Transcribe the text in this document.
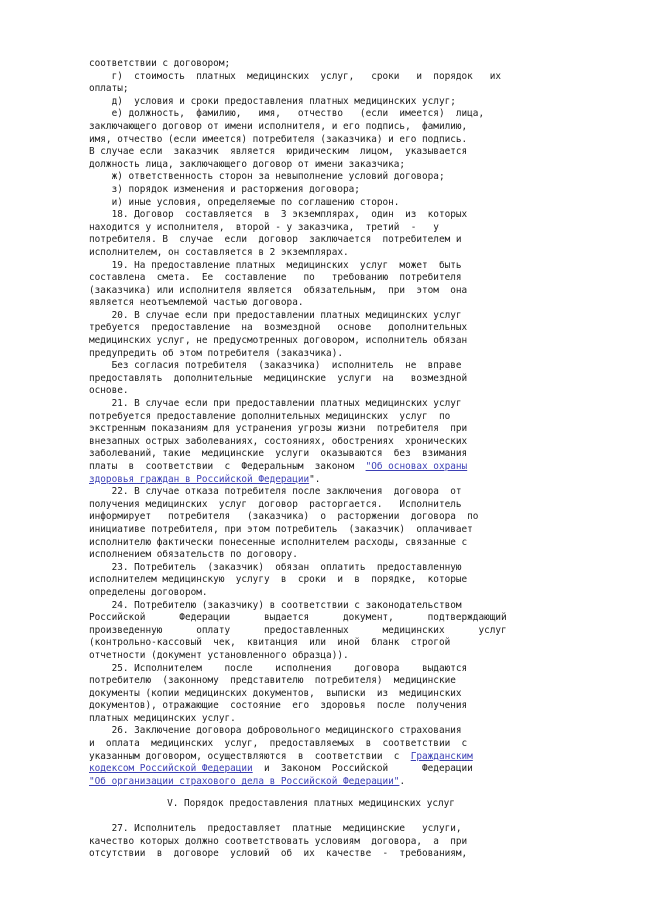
соответствии с договором;
г)  стоимость  платных  медицинских  услуг,   сроки   и  порядок   их
оплаты;
д)  условия и сроки предоставления платных медицинских услуг;
е) должность,  фамилию,   имя,   отчество   (если  имеется)  лица,
заключающего договор от имени исполнителя, и его подпись,  фамилию,
имя, отчество (если имеется) потребителя (заказчика) и его подпись.
В случае если  заказчик  является  юридическим  лицом,  указывается
должность лица, заключающего договор от имени заказчика;
ж) ответственность сторон за невыполнение условий договора;
з) порядок изменения и расторжения договора;
и) иные условия, определяемые по соглашению сторон.
18. Договор  составляется  в  3 экземплярах,  один  из  которых
находится у исполнителя,  второй - у заказчика,  третий  -   у
потребителя. В  случае  если  договор  заключается  потребителем и
исполнителем, он составляется в 2 экземплярах.
19. На предоставление платных  медицинских  услуг  может  быть
составлена  смета.  Ее  составление   по   требованию  потребителя
(заказчика) или исполнителя является  обязательным,  при  этом  она
является неотъемлемой частью договора.
20. В случае если при предоставлении платных медицинских услуг
требуется  предоставление  на  возмездной   основе   дополнительных
медицинских услуг, не предусмотренных договором, исполнитель обязан
предупредить об этом потребителя (заказчика).
Без согласия потребителя  (заказчика)  исполнитель  не  вправе
предоставлять  дополнительные  медицинские  услуги  на   возмездной
основе.
21. В случае если при предоставлении платных медицинских услуг
потребуется предоставление дополнительных медицинских  услуг  по
экстренным показаниям для устранения угрозы жизни  потребителя  при
внезапных острых заболеваниях, состояниях, обострениях  хронических
заболеваний, такие  медицинские  услуги  оказываются  без  взимания
платы  в  соответствии  с  Федеральным  законом  "Об основах охраны
здоровья граждан в Российской Федерации".
22. В случае отказа потребителя после заключения  договора  от
получения медицинских  услуг  договор  расторгается.   Исполнитель
информирует   потребителя   (заказчика)  о  расторжении  договора  по
инициативе потребителя, при этом потребитель  (заказчик)  оплачивает
исполнителю фактически понесенные исполнителем расходы, связанные с
исполнением обязательств по договору.
23. Потребитель  (заказчик)  обязан  оплатить  предоставленную
исполнителем медицинскую  услугу  в  сроки  и  в  порядке,  которые
определены договором.
24. Потребителю (заказчику) в соответствии с законодательством
Российской      Федерации      выдается      документ,      подтверждающий
произведенную      оплату      предоставленных      медицинских      услуг
(контрольно-кассовый  чек,  квитанция  или  иной  бланк  строгой
отчетности (документ установленного образца)).
25. Исполнителем    после    исполнения    договора    выдаются
потребителю  (законному  представителю  потребителя)  медицинские
документы (копии медицинских документов,  выписки  из  медицинских
документов), отражающие  состояние  его  здоровья  после  получения
платных медицинских услуг.
26. Заключение договора добровольного медицинского страхования
и  оплата  медицинских  услуг,  предоставляемых  в  соответствии  с
указанным договором, осуществляются  в  соответствии  с  Гражданским
кодексом Российской Федерации  и  Законом  Российской      Федерации
"Об организации страхового дела в Российской Федерации".
V. Порядок предоставления платных медицинских услуг
27. Исполнитель  предоставляет  платные  медицинские   услуги,
качество которых должно соответствовать условиям  договора,  а  при
отсутствии  в  договоре  условий  об  их  качестве  -  требованиям,
